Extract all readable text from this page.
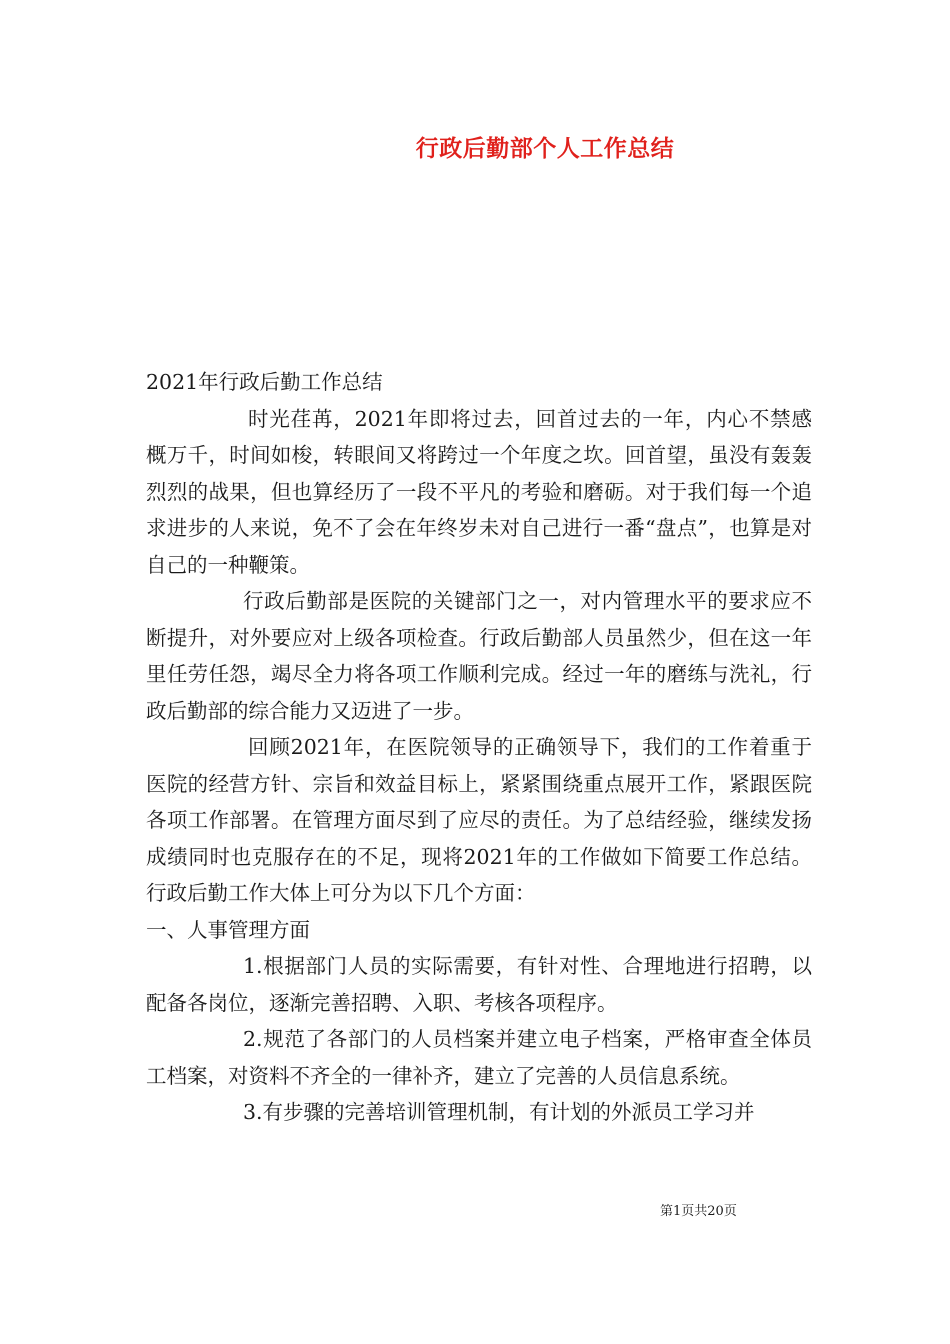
行政后勤部个人工作总结

2021年行政后勤工作总结

时光荏苒，2021年即将过去，回首过去的一年，内心不禁感概万千，时间如梭，转眼间又将跨过一个年度之坎。回首望，虽没有轰轰烈烈的战果，但也算经历了一段不平凡的考验和磨砺。对于我们每一个追求进步的人来说，免不了会在年终岁未对自己进行一番“盘点”，也算是对自己的一种鞭策。

行政后勤部是医院的关键部门之一，对内管理水平的要求应不断提升，对外要应对上级各项检查。行政后勤部人员虽然少，但在这一年里任劳任怨，竭尽全力将各项工作顺利完成。经过一年的磨练与洗礼，行政后勤部的综合能力又迈进了一步。

回顾2021年，在医院领导的正确领导下，我们的工作着重于医院的经营方针、宗旨和效益目标上，紧紧围绕重点展开工作，紧跟医院各项工作部署。在管理方面尽到了应尽的责任。为了总结经验，继续发扬成绩同时也克服存在的不足，现将2021年的工作做如下简要工作总结。行政后勤工作大体上可分为以下几个方面：

一、人事管理方面

1.根据部门人员的实际需要，有针对性、合理地进行招聘，以配备各岗位，逐渐完善招聘、入职、考核各项程序。

2.规范了各部门的人员档案并建立电子档案，严格审查全体员工档案，对资料不齐全的一律补齐，建立了完善的人员信息系统。

3.有步骤的完善培训管理机制，有计划的外派员工学习并

第1页共20页
